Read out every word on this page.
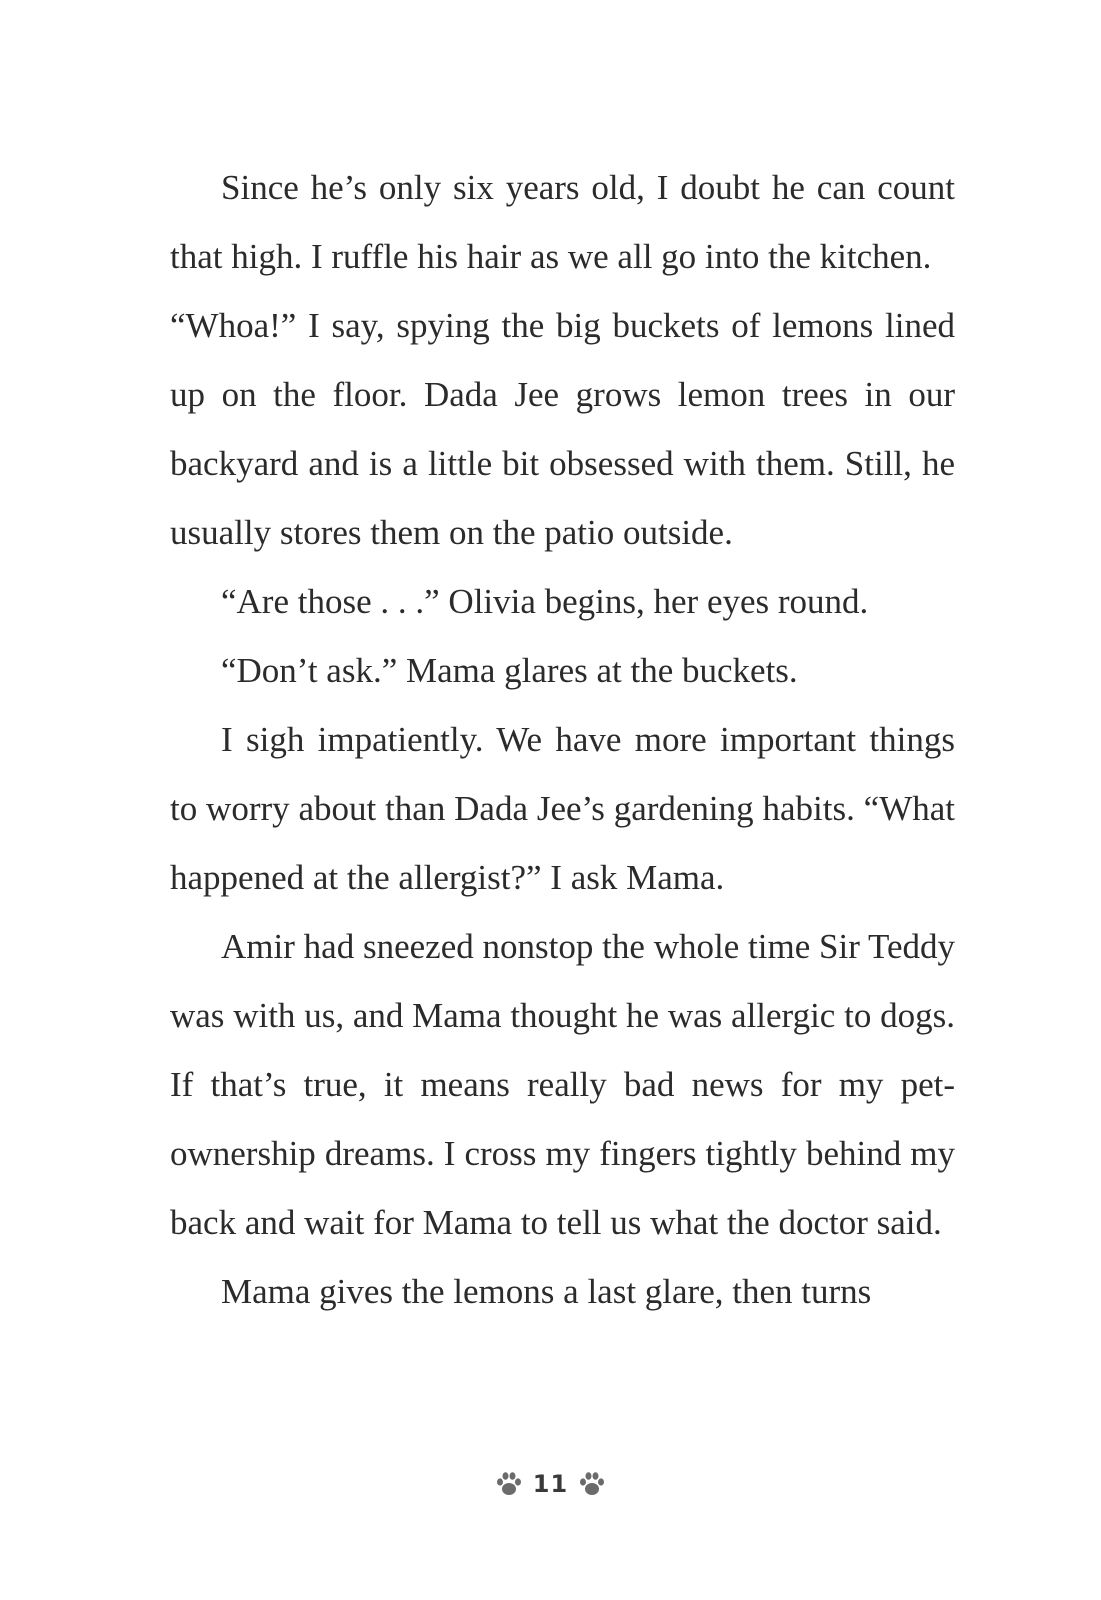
Since he’s only six years old, I doubt he can count that high. I ruffle his hair as we all go into the kitchen.

“Whoa!” I say, spying the big buckets of lemons lined up on the floor. Dada Jee grows lemon trees in our backyard and is a little bit obsessed with them. Still, he usually stores them on the patio outside.

“Are those . . .” Olivia begins, her eyes round.

“Don’t ask.” Mama glares at the buckets.

I sigh impatiently. We have more important things to worry about than Dada Jee’s gardening habits. “What happened at the allergist?” I ask Mama.

Amir had sneezed nonstop the whole time Sir Teddy was with us, and Mama thought he was allergic to dogs. If that’s true, it means really bad news for my pet-ownership dreams. I cross my fingers tightly behind my back and wait for Mama to tell us what the doctor said.

Mama gives the lemons a last glare, then turns

11
